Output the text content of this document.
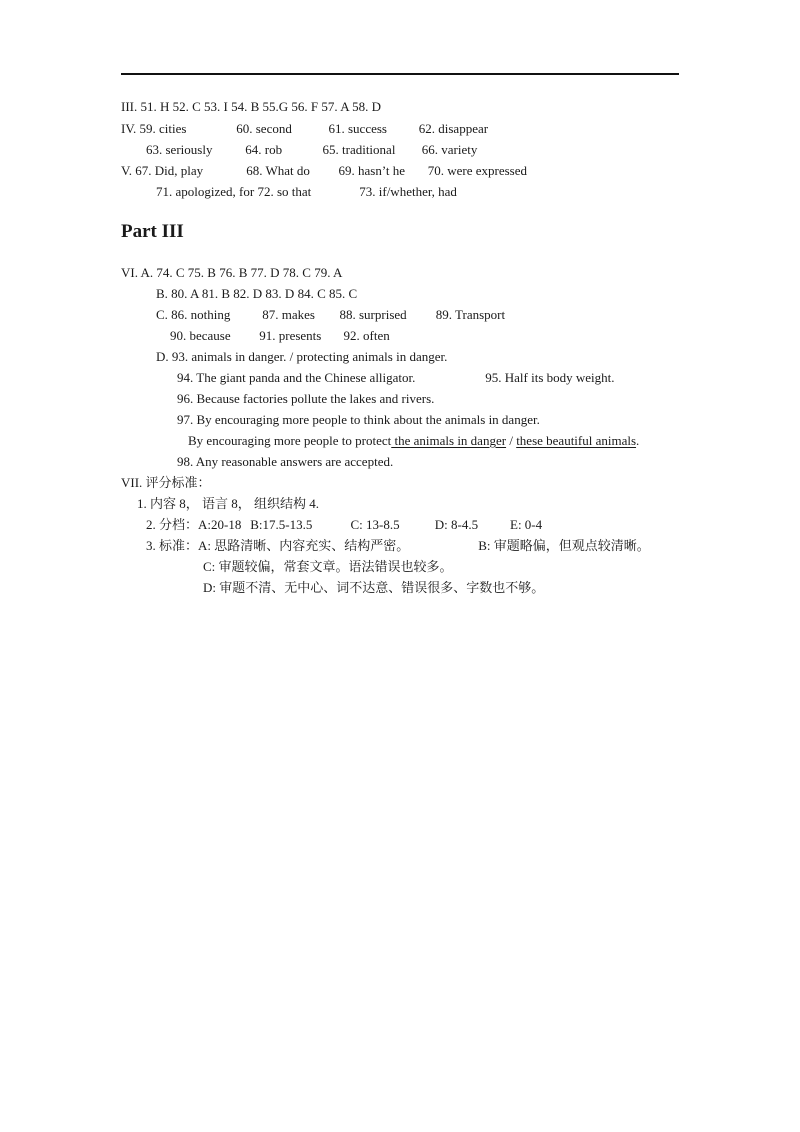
III. 51. H 52. C 53. I 54. B 55.G 56. F 57. A 58. D
IV. 59. cities	60. second	61. success 62. disappear
63. seriously	64. rob	65. traditional 66. variety
V. 67. Did, play	68. What do 69. hasn’t he 70. were expressed
71. apologized, for 72. so that	73. if/whether, had
Part III
VI. A. 74. C 75. B 76. B 77. D 78. C 79. A
B. 80. A 81. B 82. D 83. D 84. C 85. C
C. 86. nothing 87. makes 88. surprised 89. Transport
90. because 91. presents 92. often
D. 93. animals in danger. / protecting animals in danger.
94. The giant panda and the Chinese alligator.	95. Half its body weight.
96. Because factories pollute the lakes and rivers.
97. By encouraging more people to think about the animals in danger.
By encouraging more people to protect the animals in danger / these beautiful animals.
98. Any reasonable answers are accepted.
VII. 评分标准：
1. 内容 8， 语言 8， 组织结构 4.
2. 分档：A:20-18 B:17.5-13.5	C: 13-8.5	D: 8-4.5 E: 0-4
3. 标准：A: 思路清晰、内容充实、结构严密。	B: 审题略偏，但观点较清晰。
C: 审题较偏，常套文章。语法错误也较多。
D: 审题不清、无中心、词不达意、错误很多、字数也不够。
